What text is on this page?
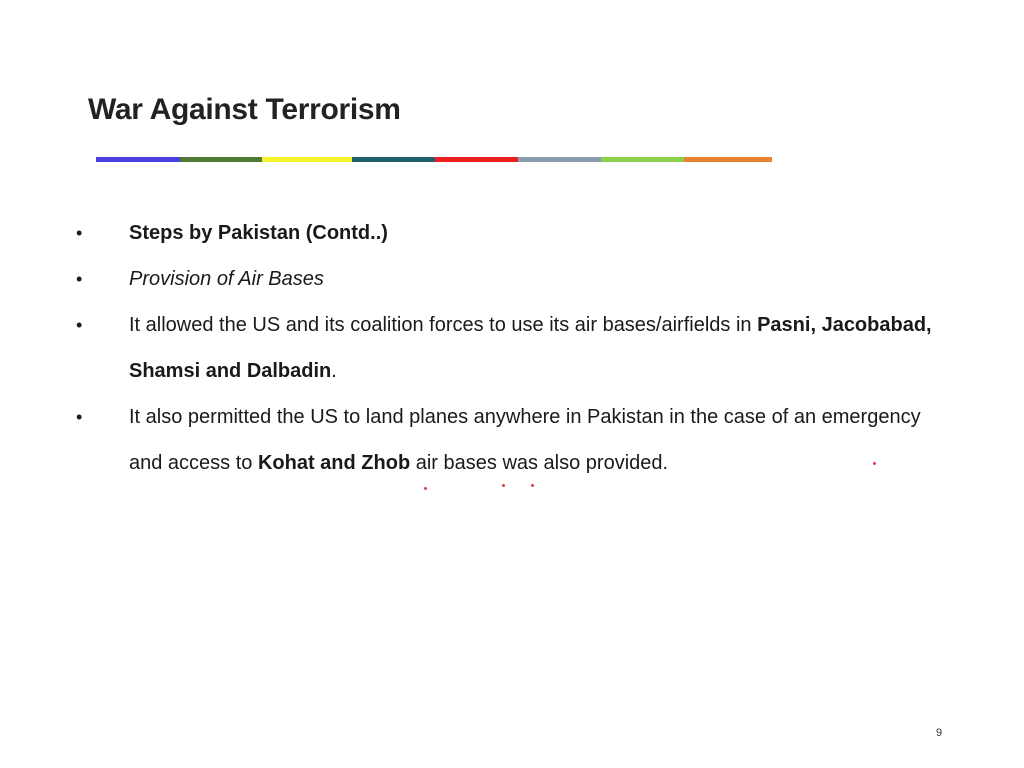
War Against Terrorism
•	Steps by Pakistan (Contd..)
•	Provision of Air Bases
•	It allowed the US and its coalition forces to use its air bases/airfields in Pasni, Jacobabad, Shamsi and Dalbadin.
•	It also permitted the US to land planes anywhere in Pakistan in the case of an emergency and access to Kohat and Zhob air bases was also provided.
9
